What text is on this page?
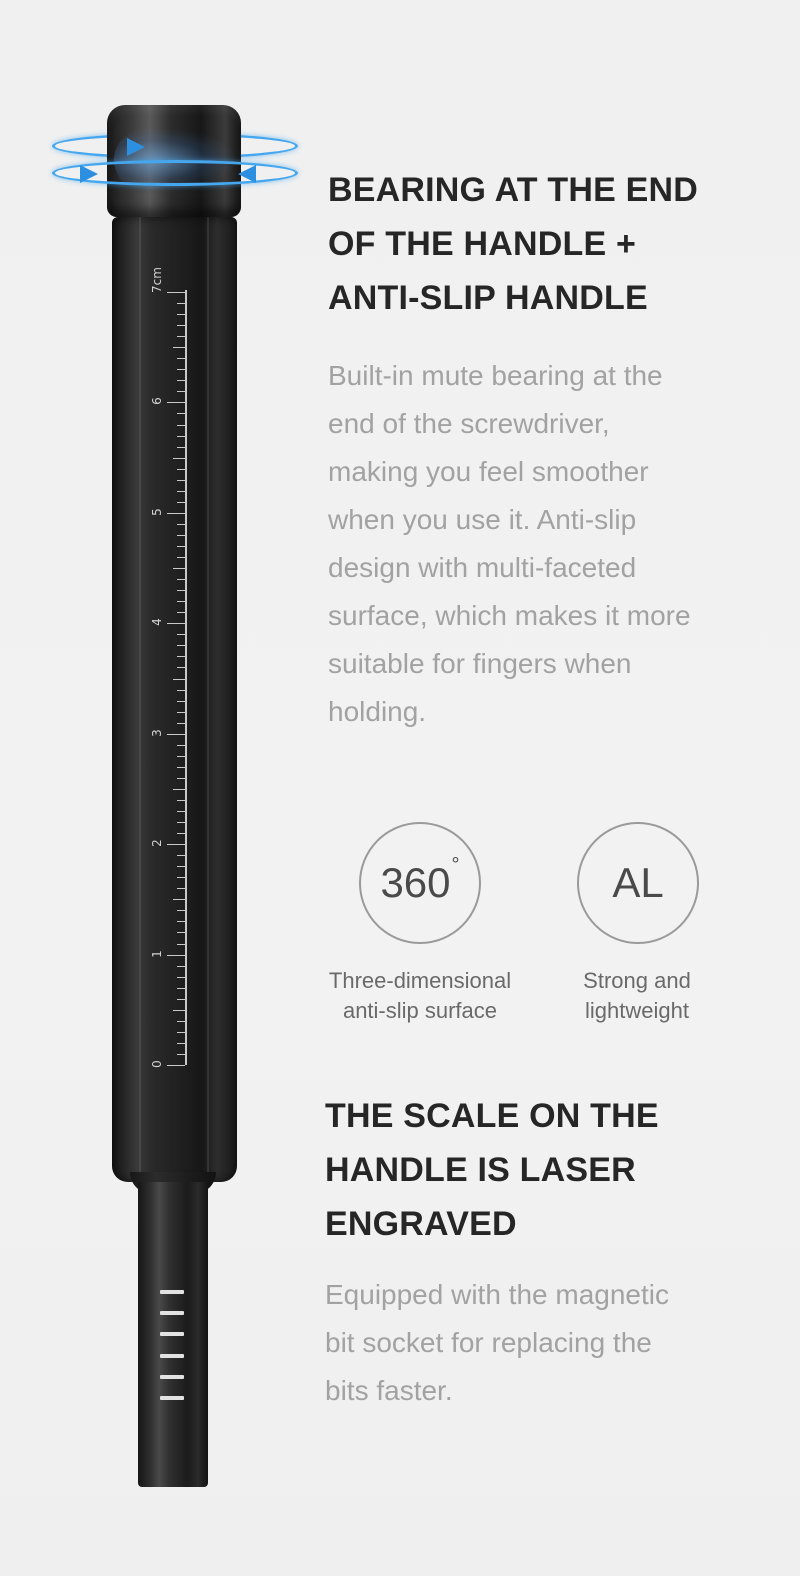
7cm
6
5
4
3
2
1
0
BEARING AT THE END
OF THE HANDLE +
ANTI-SLIP HANDLE

Built-in mute bearing at the
end of the screwdriver,
making you feel smoother
when you use it. Anti-slip
design with multi-faceted
surface, which makes it more
suitable for fingers when
holding.

360 °
Three-dimensional
anti-slip surface
AL
Strong and
lightweight
THE SCALE ON THE
HANDLE IS LASER
ENGRAVED

Equipped with the magnetic
bit socket for replacing the
bits faster.
